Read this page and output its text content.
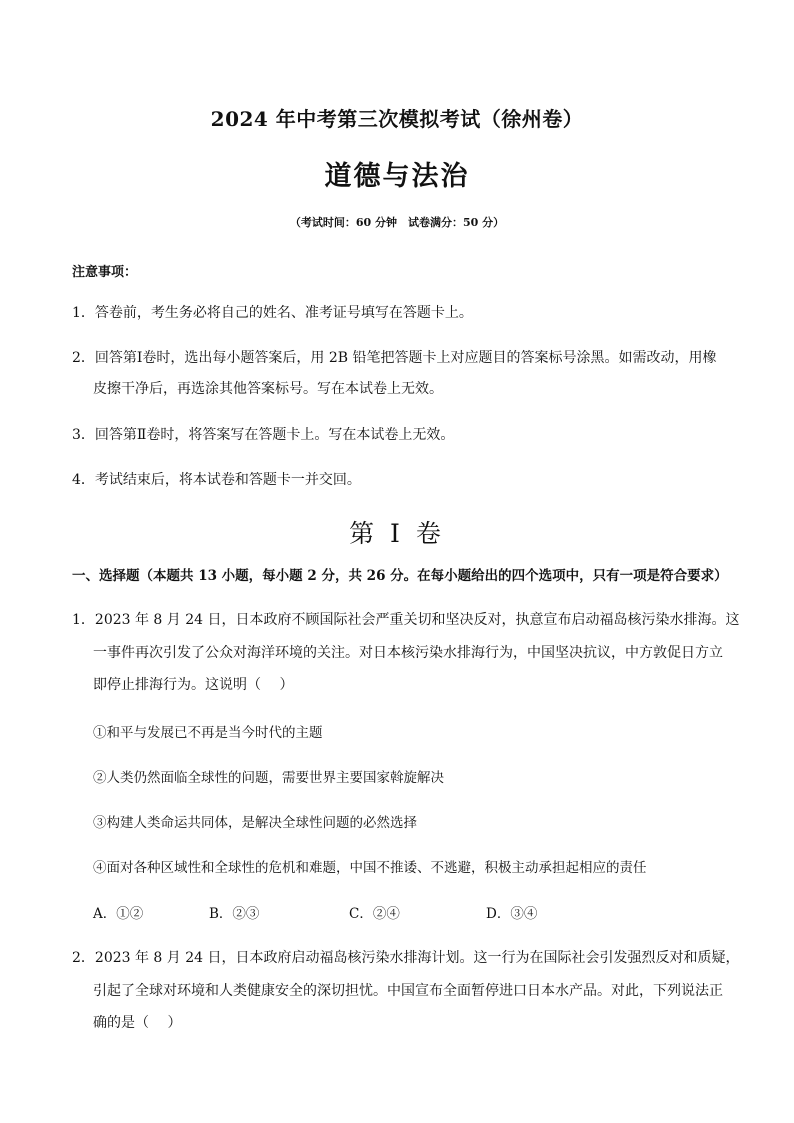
2024 年中考第三次模拟考试（徐州卷）
道德与法治
（考试时间：60 分钟　试卷满分：50 分）
注意事项：
1．答卷前，考生务必将自己的姓名、准考证号填写在答题卡上。
2．回答第Ⅰ卷时，选出每小题答案后，用 2B 铅笔把答题卡上对应题目的答案标号涂黑。如需改动，用橡
皮擦干净后，再选涂其他答案标号。写在本试卷上无效。
3．回答第Ⅱ卷时，将答案写在答题卡上。写在本试卷上无效。
4．考试结束后，将本试卷和答题卡一并交回。
第 I 卷
一、选择题（本题共 13 小题，每小题 2 分，共 26 分。在每小题给出的四个选项中，只有一项是符合要求）
1．2023 年 8 月 24 日，日本政府不顾国际社会严重关切和坚决反对，执意宣布启动福岛核污染水排海。这
一事件再次引发了公众对海洋环境的关注。对日本核污染水排海行为，中国坚决抗议，中方敦促日方立
即停止排海行为。这说明（　 ）
①和平与发展已不再是当今时代的主题
②人类仍然面临全球性的问题，需要世界主要国家斡旋解决
③构建人类命运共同体，是解决全球性问题的必然选择
④面对各种区域性和全球性的危机和难题，中国不推诿、不逃避，积极主动承担起相应的责任
A．①②	B．②③	C．②④	D．③④
2．2023 年 8 月 24 日，日本政府启动福岛核污染水排海计划。这一行为在国际社会引发强烈反对和质疑，
引起了全球对环境和人类健康安全的深切担忧。中国宣布全面暂停进口日本水产品。对此，下列说法正
确的是（　 ）
